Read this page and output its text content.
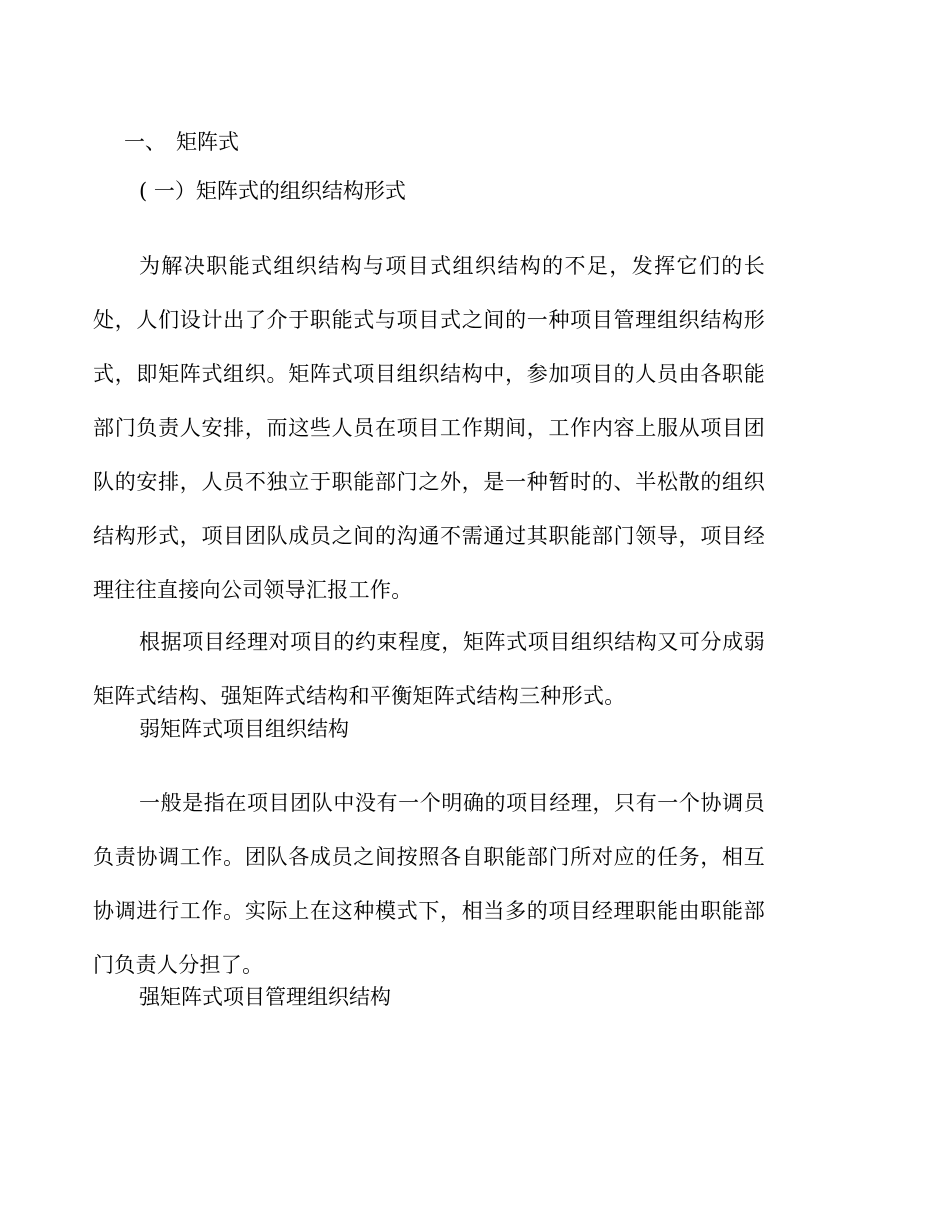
一、 矩阵式
( 一）矩阵式的组织结构形式

为解决职能式组织结构与项目式组织结构的不足，发挥它们的长处，人们设计出了介于职能式与项目式之间的一种项目管理组织结构形式，即矩阵式组织。矩阵式项目组织结构中，参加项目的人员由各职能部门负责人安排，而这些人员在项目工作期间，工作内容上服从项目团队的安排，人员不独立于职能部门之外，是一种暂时的、半松散的组织结构形式，项目团队成员之间的沟通不需通过其职能部门领导，项目经理往往直接向公司领导汇报工作。

根据项目经理对项目的约束程度，矩阵式项目组织结构又可分成弱矩阵式结构、强矩阵式结构和平衡矩阵式结构三种形式。

弱矩阵式项目组织结构

一般是指在项目团队中没有一个明确的项目经理，只有一个协调员负责协调工作。团队各成员之间按照各自职能部门所对应的任务，相互协调进行工作。实际上在这种模式下，相当多的项目经理职能由职能部门负责人分担了。

强矩阵式项目管理组织结构
